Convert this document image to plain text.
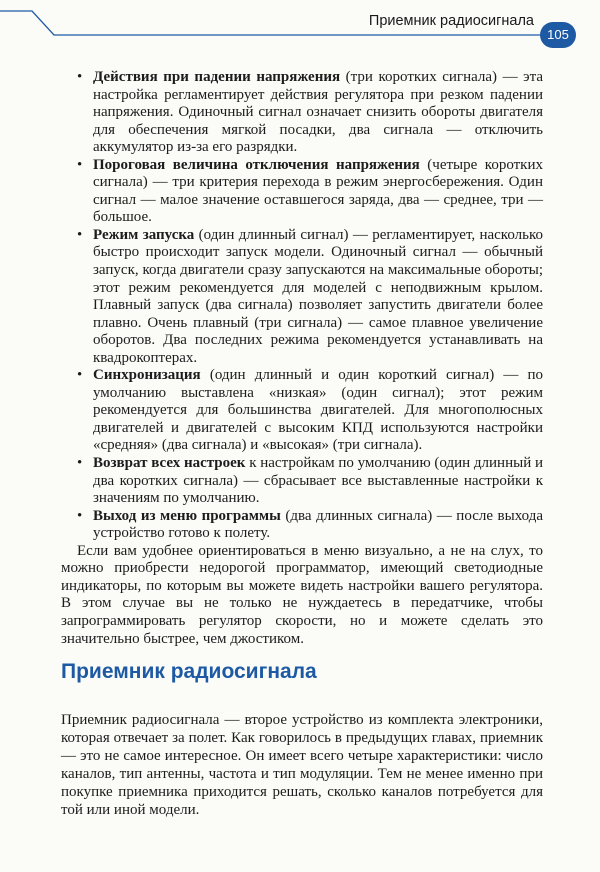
Приемник радиосигнала
105
• Действия при падении напряжения (три коротких сигнала) — эта настройка регламентирует действия регулятора при резком падении напряжения. Одиночный сигнал означает снизить обороты двигателя для обеспечения мягкой посадки, два сигнала — отключить аккумулятор из-за его разрядки.
• Пороговая величина отключения напряжения (четыре коротких сигнала) — три критерия перехода в режим энергосбережения. Один сигнал — малое значение оставшегося заряда, два — среднее, три — большое.
• Режим запуска (один длинный сигнал) — регламентирует, насколько быстро происходит запуск модели. Одиночный сигнал — обычный запуск, когда двигатели сразу запускаются на максимальные обороты; этот режим рекомендуется для моделей с неподвижным крылом. Плавный запуск (два сигнала) позволяет запустить двигатели более плавно. Очень плавный (три сигнала) — самое плавное увеличение оборотов. Два последних режима рекомендуется устанавливать на квадрокоптерах.
• Синхронизация (один длинный и один короткий сигнал) — по умолчанию выставлена «низкая» (один сигнал); этот режим рекомендуется для большинства двигателей. Для многополюсных двигателей и двигателей с высоким КПД используются настройки «средняя» (два сигнала) и «высокая» (три сигнала).
• Возврат всех настроек к настройкам по умолчанию (один длинный и два коротких сигнала) — сбрасывает все выставленные настройки к значениям по умолчанию.
• Выход из меню программы (два длинных сигнала) — после выхода устройство готово к полету.

Если вам удобнее ориентироваться в меню визуально, а не на слух, то можно приобрести недорогой программатор, имеющий светодиодные индикаторы, по которым вы можете видеть настройки вашего регулятора. В этом случае вы не только не нуждаетесь в передатчике, чтобы запрограммировать регулятор скорости, но и можете сделать это значительно быстрее, чем джостиком.

Приемник радиосигнала

Приемник радиосигнала — второе устройство из комплекта электроники, которая отвечает за полет. Как говорилось в предыдущих главах, приемник — это не самое интересное. Он имеет всего четыре характеристики: число каналов, тип антенны, частота и тип модуляции. Тем не менее именно при покупке приемника приходится решать, сколько каналов потребуется для той или иной модели.
